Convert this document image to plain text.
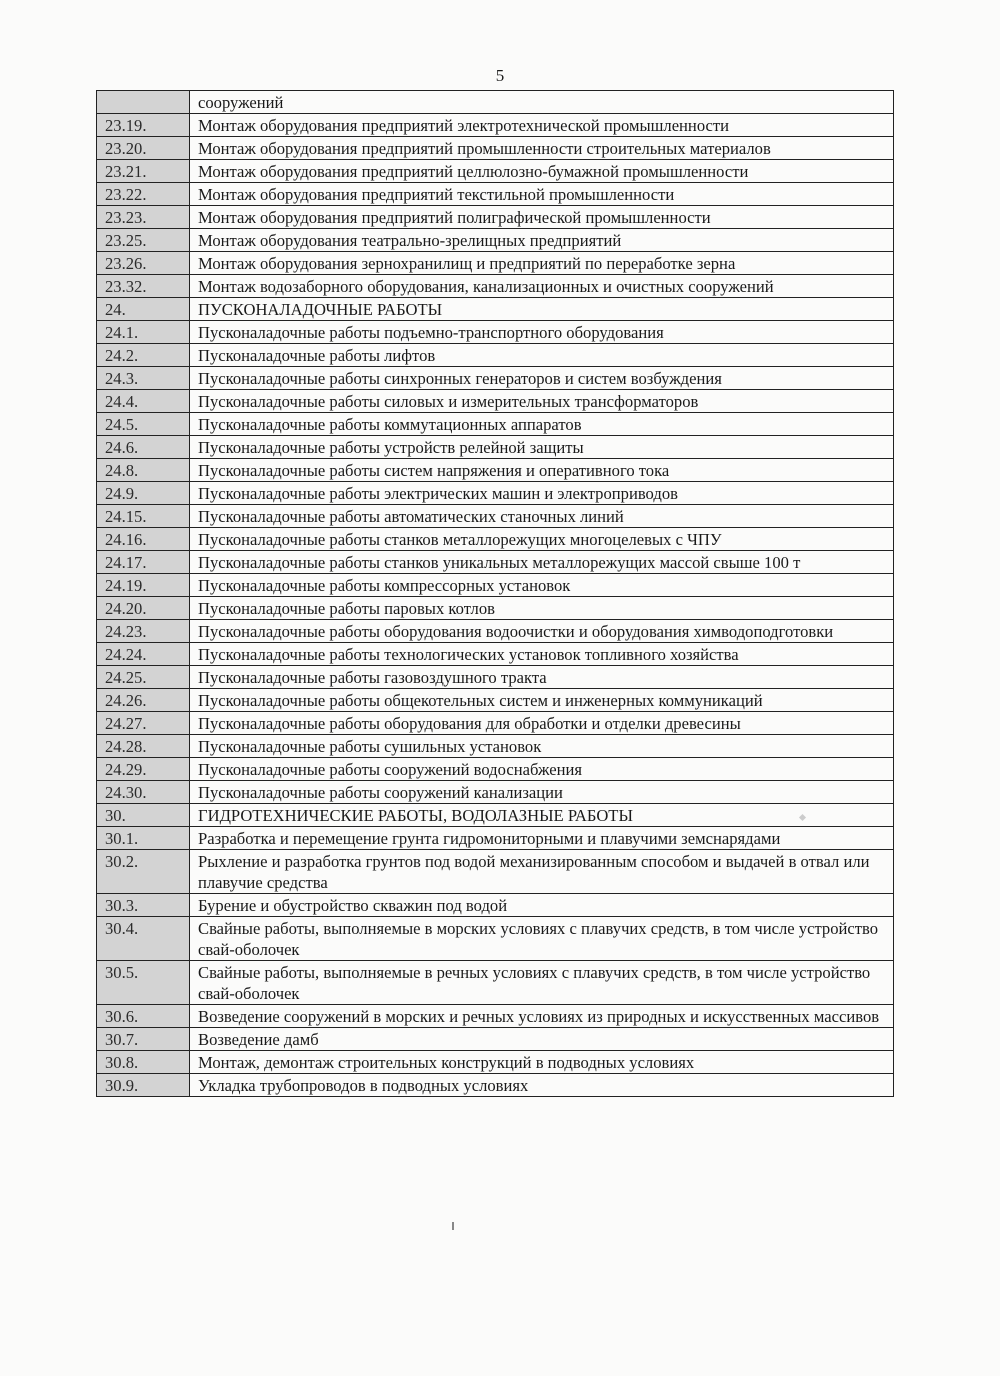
5
	сооружений
23.19.	Монтаж оборудования предприятий электротехнической промышленности
23.20.	Монтаж оборудования предприятий промышленности строительных материалов
23.21.	Монтаж оборудования предприятий целлюлозно-бумажной промышленности
23.22.	Монтаж оборудования предприятий текстильной промышленности
23.23.	Монтаж оборудования предприятий полиграфической промышленности
23.25.	Монтаж оборудования театрально-зрелищных предприятий
23.26.	Монтаж оборудования зернохранилищ и предприятий по переработке зерна
23.32.	Монтаж водозаборного оборудования, канализационных и очистных сооружений
24.	ПУСКОНАЛАДОЧНЫЕ РАБОТЫ
24.1.	Пусконаладочные работы подъемно-транспортного оборудования
24.2.	Пусконаладочные работы лифтов
24.3.	Пусконаладочные работы синхронных генераторов и систем возбуждения
24.4.	Пусконаладочные работы силовых и измерительных трансформаторов
24.5.	Пусконаладочные работы коммутационных аппаратов
24.6.	Пусконаладочные работы устройств релейной защиты
24.8.	Пусконаладочные работы систем напряжения и оперативного тока
24.9.	Пусконаладочные работы электрических машин и электроприводов
24.15.	Пусконаладочные работы автоматических станочных линий
24.16.	Пусконаладочные работы станков металлорежущих многоцелевых с ЧПУ
24.17.	Пусконаладочные работы станков уникальных металлорежущих массой свыше 100 т
24.19.	Пусконаладочные работы компрессорных установок
24.20.	Пусконаладочные работы паровых котлов
24.23.	Пусконаладочные работы оборудования водоочистки и оборудования химводоподготовки
24.24.	Пусконаладочные работы технологических установок топливного хозяйства
24.25.	Пусконаладочные работы газовоздушного тракта
24.26.	Пусконаладочные работы общекотельных систем и инженерных коммуникаций
24.27.	Пусконаладочные работы оборудования для обработки и отделки древесины
24.28.	Пусконаладочные работы сушильных установок
24.29.	Пусконаладочные работы сооружений водоснабжения
24.30.	Пусконаладочные работы сооружений канализации
30.	ГИДРОТЕХНИЧЕСКИЕ РАБОТЫ, ВОДОЛАЗНЫЕ РАБОТЫ
30.1.	Разработка и перемещение грунта гидромониторными и плавучими земснарядами
30.2.	Рыхление и разработка грунтов под водой механизированным способом и выдачей в отвал или плавучие средства
30.3.	Бурение и обустройство скважин под водой
30.4.	Свайные работы, выполняемые в морских условиях с плавучих средств, в том числе устройство свай-оболочек
30.5.	Свайные работы, выполняемые в речных условиях с плавучих средств, в том числе устройство свай-оболочек
30.6.	Возведение сооружений в морских и речных условиях из природных и искусственных массивов
30.7.	Возведение дамб
30.8.	Монтаж, демонтаж строительных конструкций в подводных условиях
30.9.	Укладка трубопроводов в подводных условиях
